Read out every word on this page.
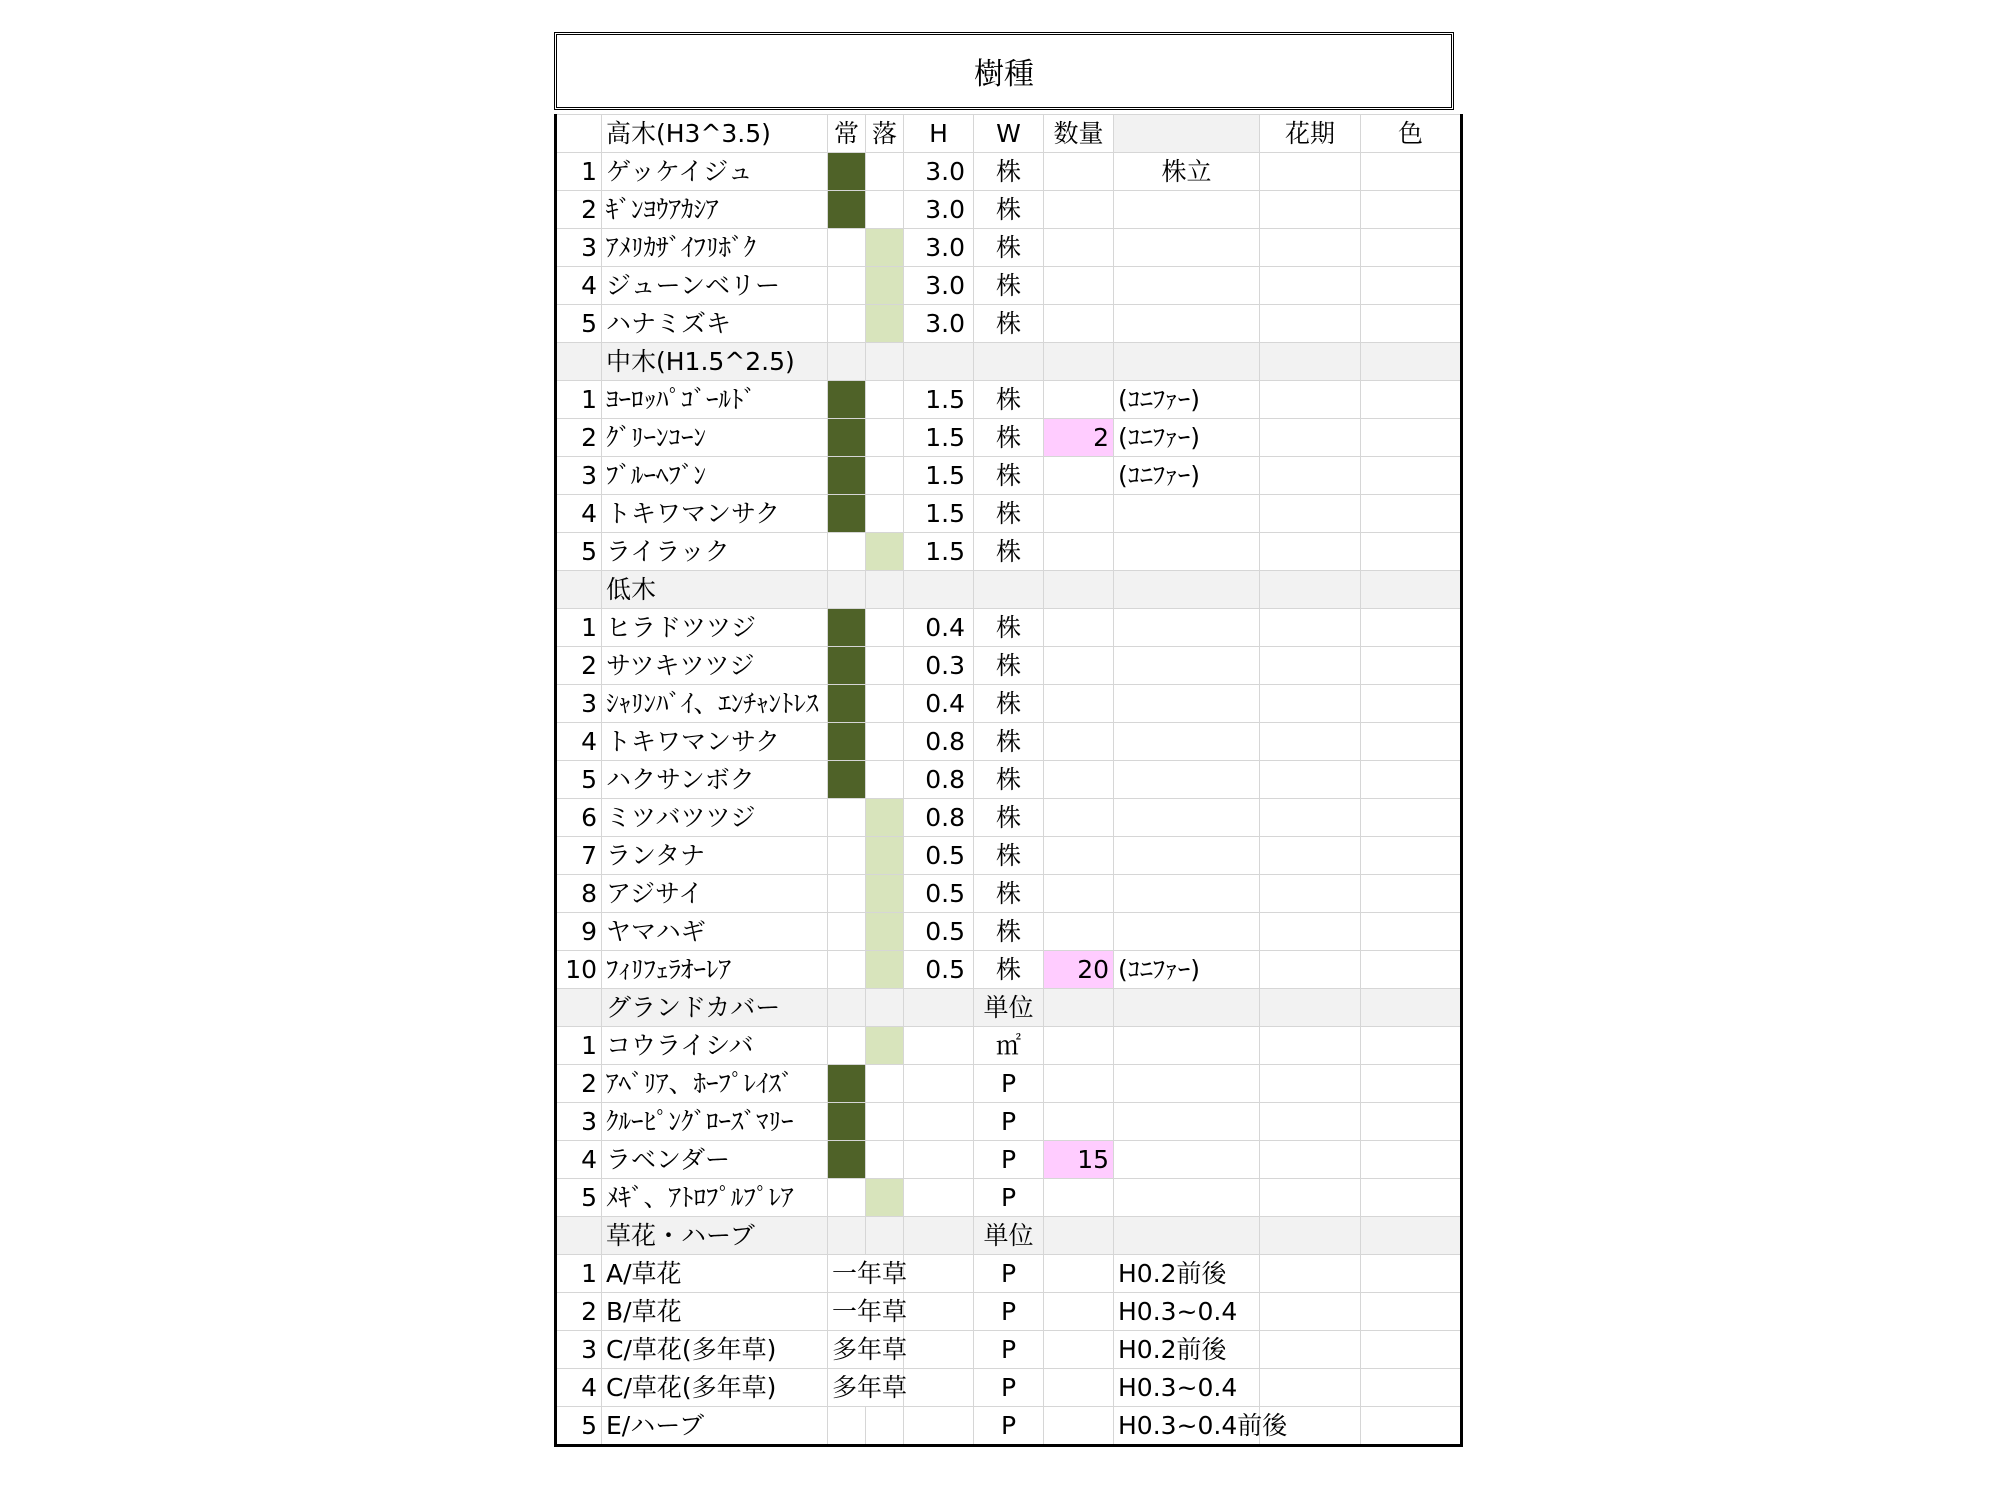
樹種
	高木(H3^3.5)	常	落	H	W	数量		花期	色
1	ゲッケイジュ			3.0	株		株立		
2	ｷﾞﾝﾖｳｱｶｼｱ			3.0	株				
3	ｱﾒﾘｶｻﾞｲﾌﾘﾎﾞｸ			3.0	株				
4	ジューンベリー			3.0	株				
5	ハナミズキ			3.0	株				
	中木(H1.5^2.5)								
1	ﾖｰﾛｯﾊﾟｺﾞｰﾙﾄﾞ			1.5	株		(ｺﾆﾌｧｰ)		
2	ｸﾞﾘｰﾝｺｰﾝ			1.5	株	2	(ｺﾆﾌｧｰ)		
3	ﾌﾞﾙｰﾍﾌﾞﾝ			1.5	株		(ｺﾆﾌｧｰ)		
4	トキワマンサク			1.5	株				
5	ライラック			1.5	株				
	低木								
1	ヒラドツツジ			0.4	株				
2	サツキツツジ			0.3	株				
3	ｼｬﾘﾝﾊﾞｲ、ｴﾝﾁｬﾝﾄﾚｽ			0.4	株				
4	トキワマンサク			0.8	株				
5	ハクサンボク			0.8	株				
6	ミツバツツジ			0.8	株				
7	ランタナ			0.5	株				
8	アジサイ			0.5	株				
9	ヤマハギ			0.5	株				
10	ﾌｨﾘﾌｪﾗｵｰﾚｱ			0.5	株	20	(ｺﾆﾌｧｰ)		
	グランドカバー				単位				
1	コウライシバ				㎡				
2	ｱﾍﾞﾘｱ、ﾎｰﾌﾟﾚｲｽﾞ				P				
3	ｸﾙｰﾋﾟﾝｸﾞﾛｰｽﾞﾏﾘｰ				P				
4	ラベンダー				P	15			
5	ﾒｷﾞ、ｱﾄﾛﾌﾟﾙﾌﾟﾚｱ				P				
	草花・ハーブ				単位				
1	A/草花	一年草			P		H0.2前後		
2	B/草花	一年草			P		H0.3~0.4		
3	C/草花(多年草)	多年草			P		H0.2前後		
4	C/草花(多年草)	多年草			P		H0.3~0.4		
5	E/ハーブ				P		H0.3~0.4前後		
